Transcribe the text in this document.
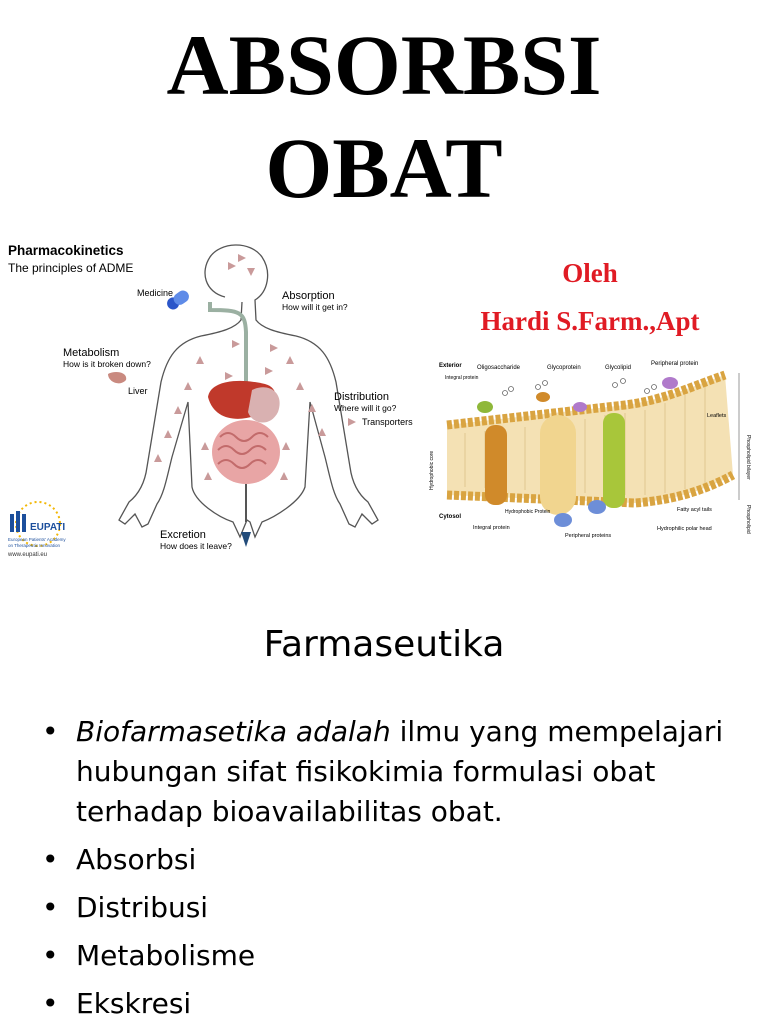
ABSORBSI
OBAT
Pharmacokinetics
The principles of ADME
Medicine	Absorption
How will it get in?
Metabolism
How is it broken down?
Liver	Distribution
Where will it go?
Transporters
Excretion
How does it leave?
EUPATI
European Patients' Academy
on Therapeutic Innovation
www.eupati.eu
Oleh
Hardi S.Farm.,Apt
Exterior
Integral protein
Oligosaccharide	Glycoprotein	Glycolipid
Peripheral protein
Leaflets
Hydrophobic core	Phospholipid bilayer
Fatty acyl tails
Cytosol
Hydrophobic Protein
Integral protein
Peripheral proteins
Hydrophilic polar head	Phospholipid
Farmaseutika
• Biofarmasetika adalah ilmu yang mempelajari hubungan sifat fisikokimia formulasi obat terhadap bioavailabilitas obat.
• Absorbsi
• Distribusi
• Metabolisme
• Ekskresi
